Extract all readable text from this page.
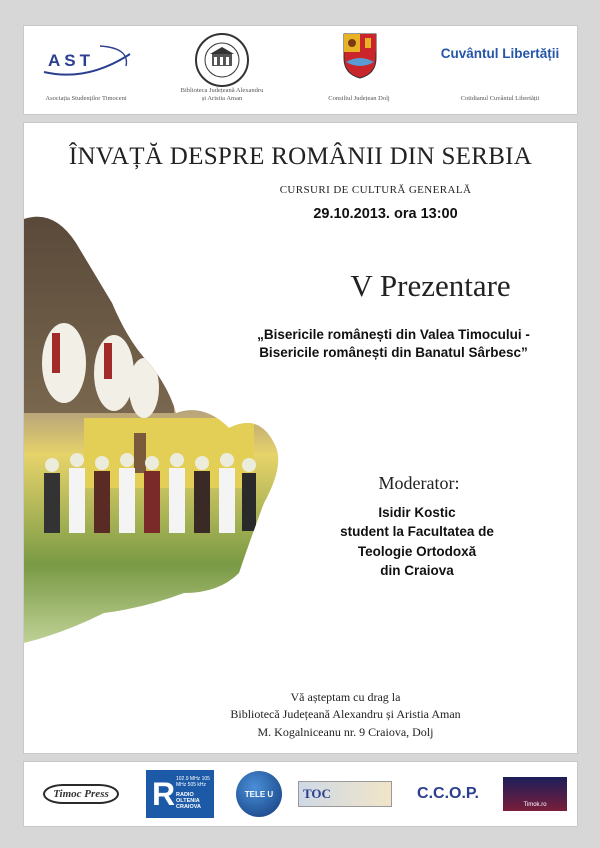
AST
Asociația Studenților Timoceni
Biblioteca Județeană Alexandru și Aristia Aman	Consiliul Județean Dolj
Cuvântul Libertății
Cotidianul Cuvântul Libertății
ÎNVAȚĂ DESPRE ROMÂNII DIN SERBIA
CURSURI DE CULTURĂ GENERALĂ
29.10.2013. ora 13:00
V Prezentare
„Bisericile românești din Valea Timocului -
Bisericile românești din Banatul Sârbesc”
Moderator:
Isidir Kostic
student la Facultatea de
Teologie Ortodoxă
din Craiova
Vă așteptam cu drag la
Bibliotecă Județeană Alexandru și Aristia Aman
M. Kogalniceanu nr. 9 Craiova, Dolj
Timoc Press	R 102.9 MHz 105 MHz 505 kHz
RADIO OLTENIA CRAIOVA
TELE U TOC	C.C.O.P.
Timok.ro
